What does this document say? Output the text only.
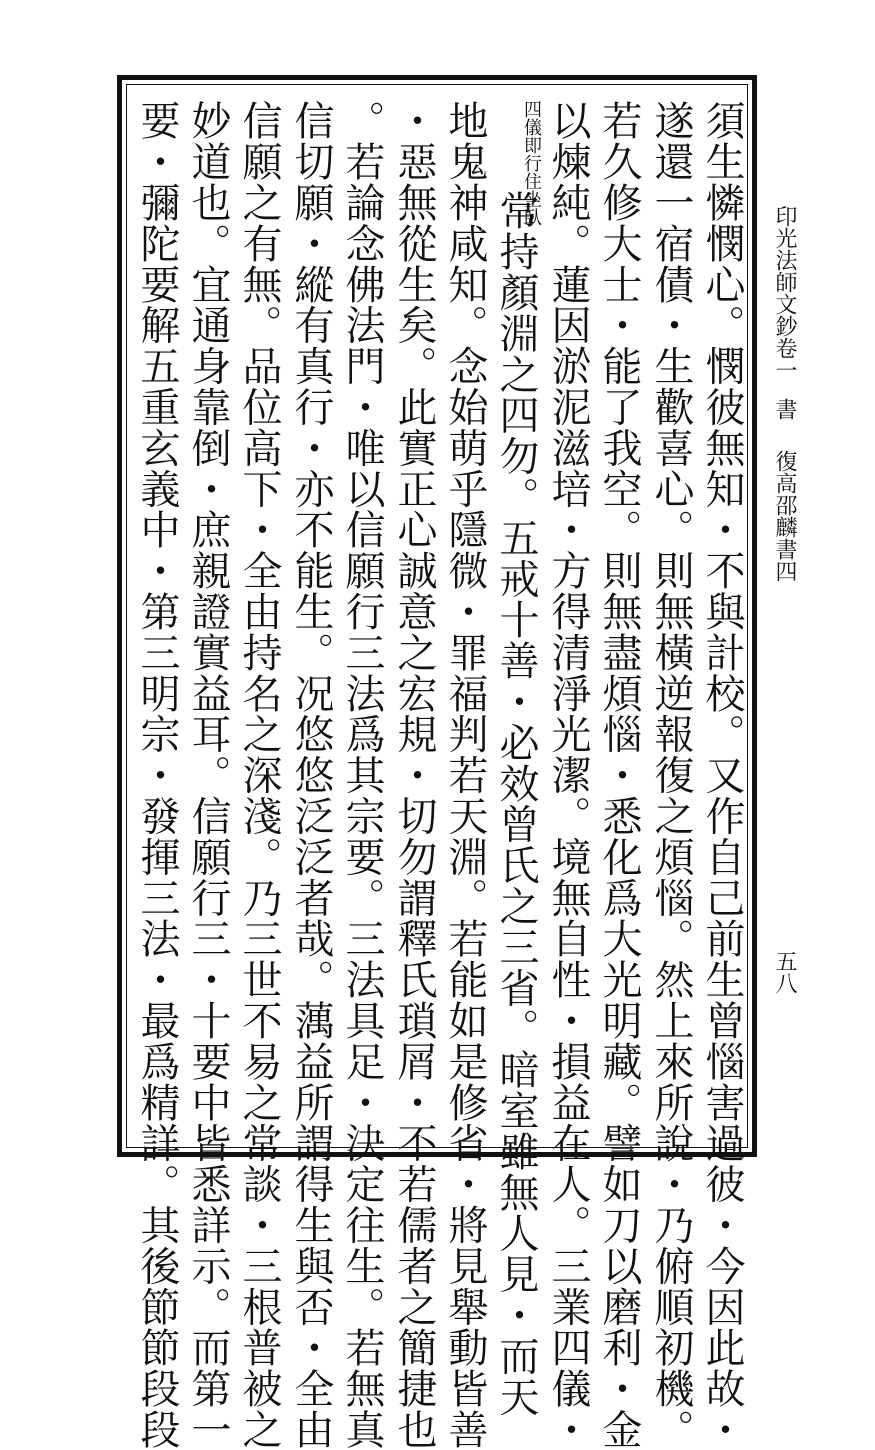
印光法師文鈔卷一
書
復高邵麟書四
五八
須生憐憫心。憫彼無知・不與計校。又作自己前生曾惱害過彼・今因此故・
遂還一宿債・生歡喜心。則無橫逆報復之煩惱。然上來所說・乃俯順初機。
若久修大士・能了我空。則無盡煩惱・悉化爲大光明藏。譬如刀以磨利・金
以煉純。蓮因淤泥滋培・方得清淨光潔。境無自性・損益在人。三業四儀・
四儀即行住坐臥常持顏淵之四勿。五戒十善・必效曾氏之三省。暗室雖無人見・而天
地鬼神咸知。念始萌乎隱微・罪福判若天淵。若能如是修省・將見舉動皆善
・惡無從生矣。此實正心誠意之宏規・切勿謂釋氏瑣屑・不若儒者之簡捷也
。若論念佛法門・唯以信願行三法爲其宗要。三法具足・決定往生。若無真
信切願・縱有真行・亦不能生。况悠悠泛泛者哉。蕅益所謂得生與否・全由
信願之有無。品位高下・全由持名之深淺。乃三世不易之常談・三根普被之
妙道也。宜通身靠倒・庶親證實益耳。信願行三・十要中皆悉詳示。而第一
要・彌陀要解五重玄義中・第三明宗・發揮三法・最爲精詳。其後節節段段
